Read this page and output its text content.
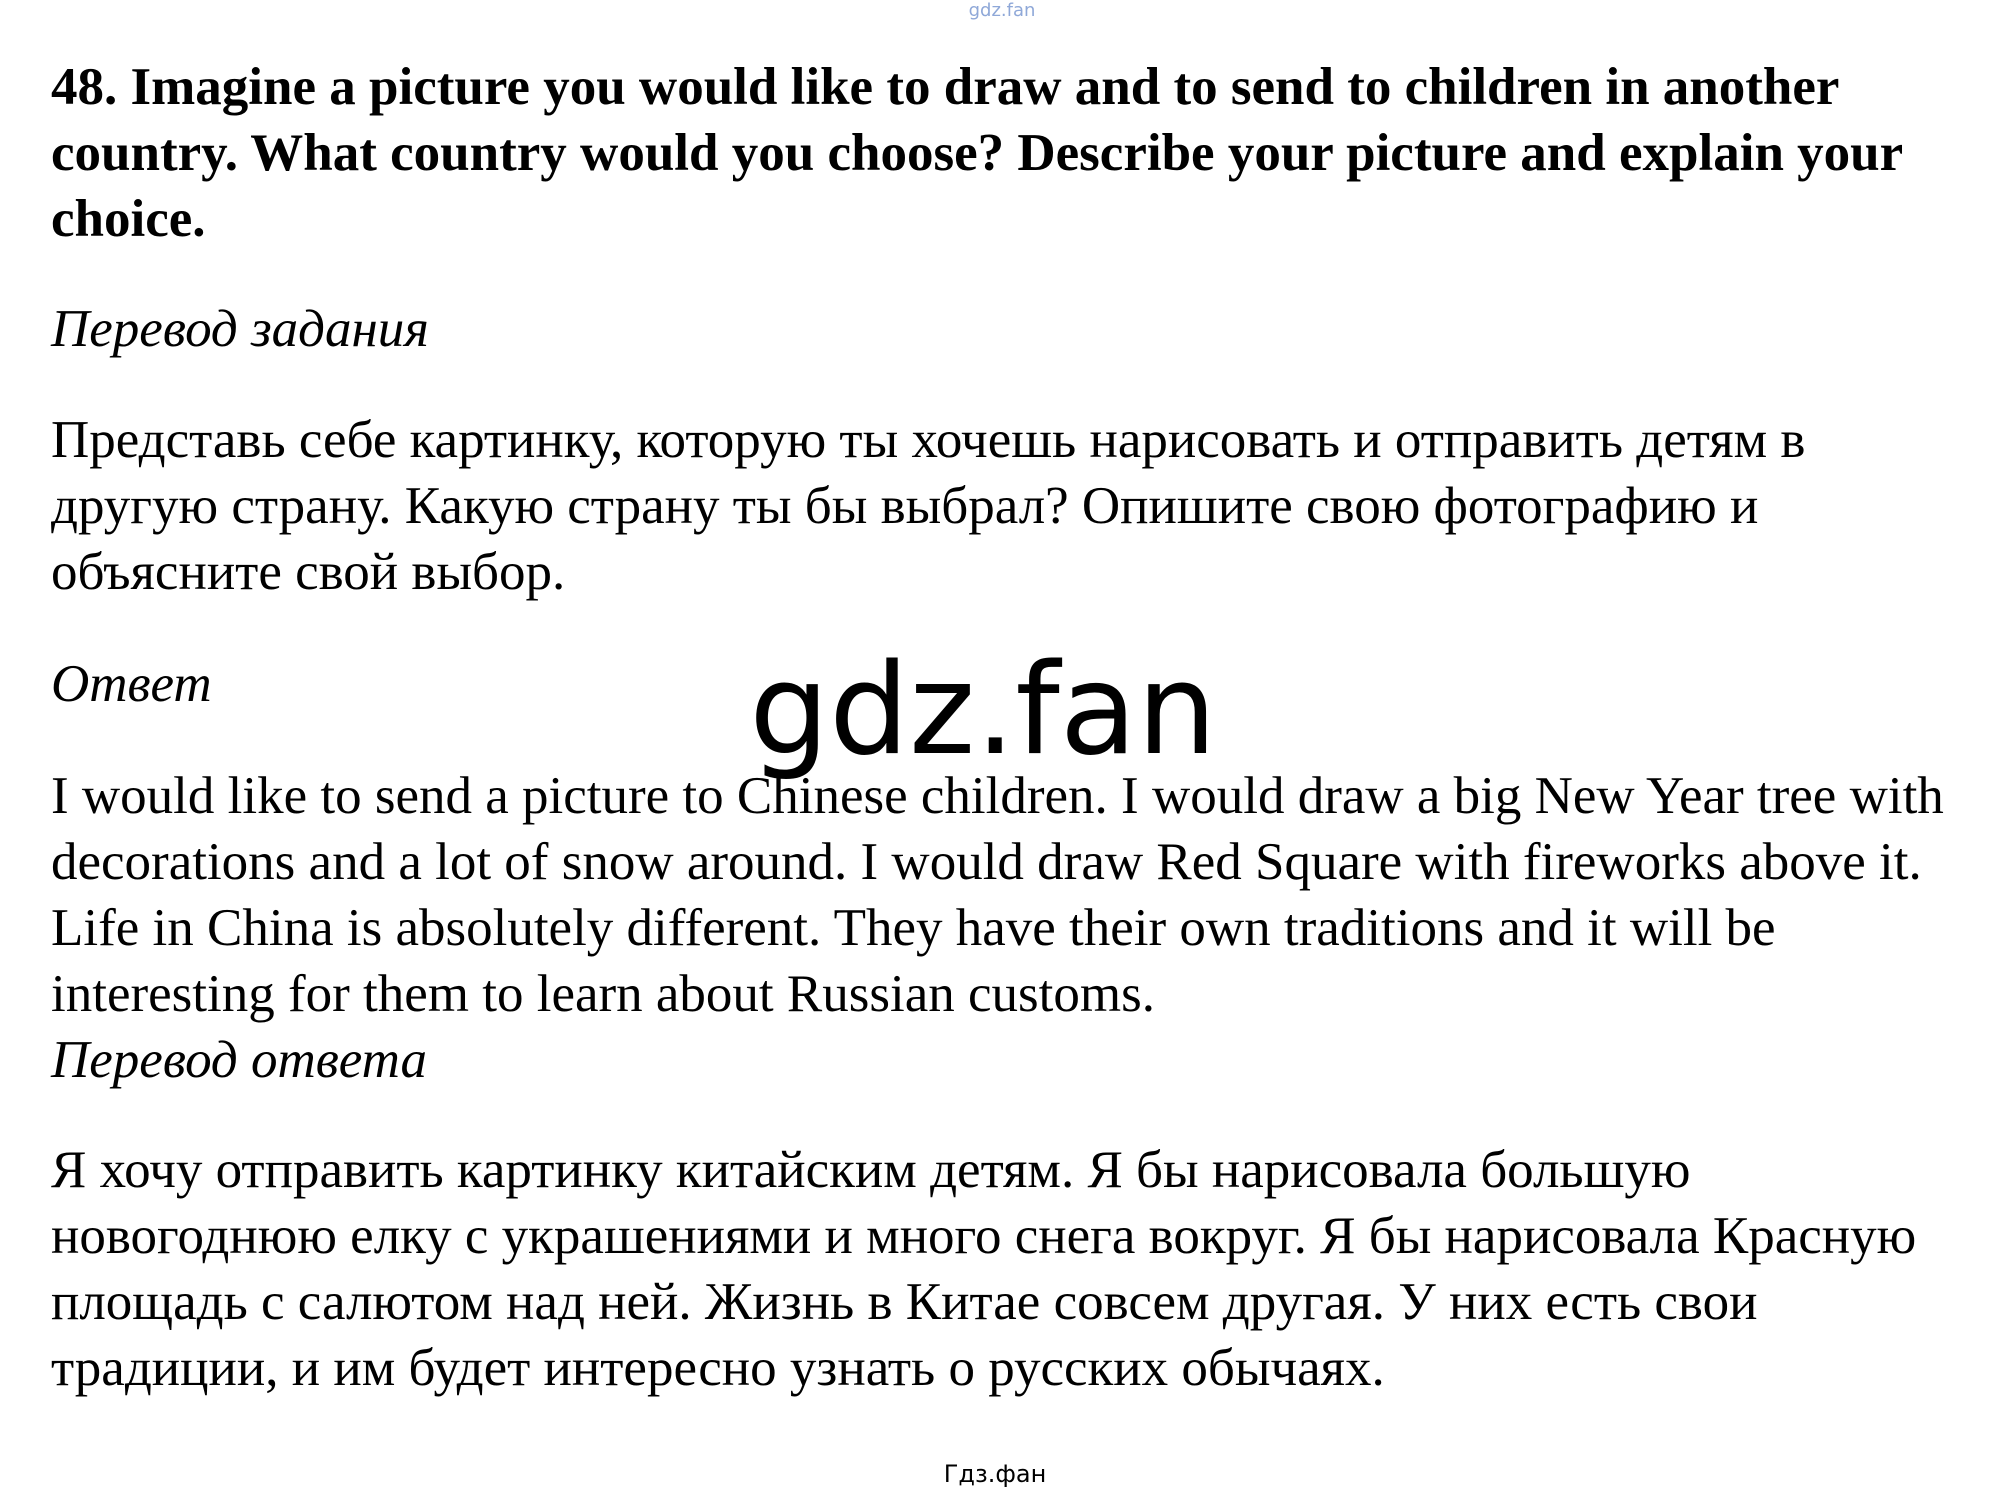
gdz.fan

48. Imagine a picture you would like to draw and to send to children in another country. What country would you choose? Describe your picture and explain your choice.

Перевод задания

Представь себе картинку, которую ты хочешь нарисовать и отправить детям в другую страну. Какую страну ты бы выбрал? Опишите свою фотографию и объясните свой выбор.

Ответ

I would like to send a picture to Chinese children. I would draw a big New Year tree with decorations and a lot of snow around. I would draw Red Square with fireworks above it. Life in China is absolutely different. They have their own traditions and it will be interesting for them to learn about Russian customs.

Перевод ответа

Я хочу отправить картинку китайским детям. Я бы нарисовала большую новогоднюю елку с украшениями и много снега вокруг. Я бы нарисовала Красную площадь с салютом над ней. Жизнь в Китае совсем другая. У них есть свои традиции, и им будет интересно узнать о русских обычаях.

gdz.fan
Гдз.фан
